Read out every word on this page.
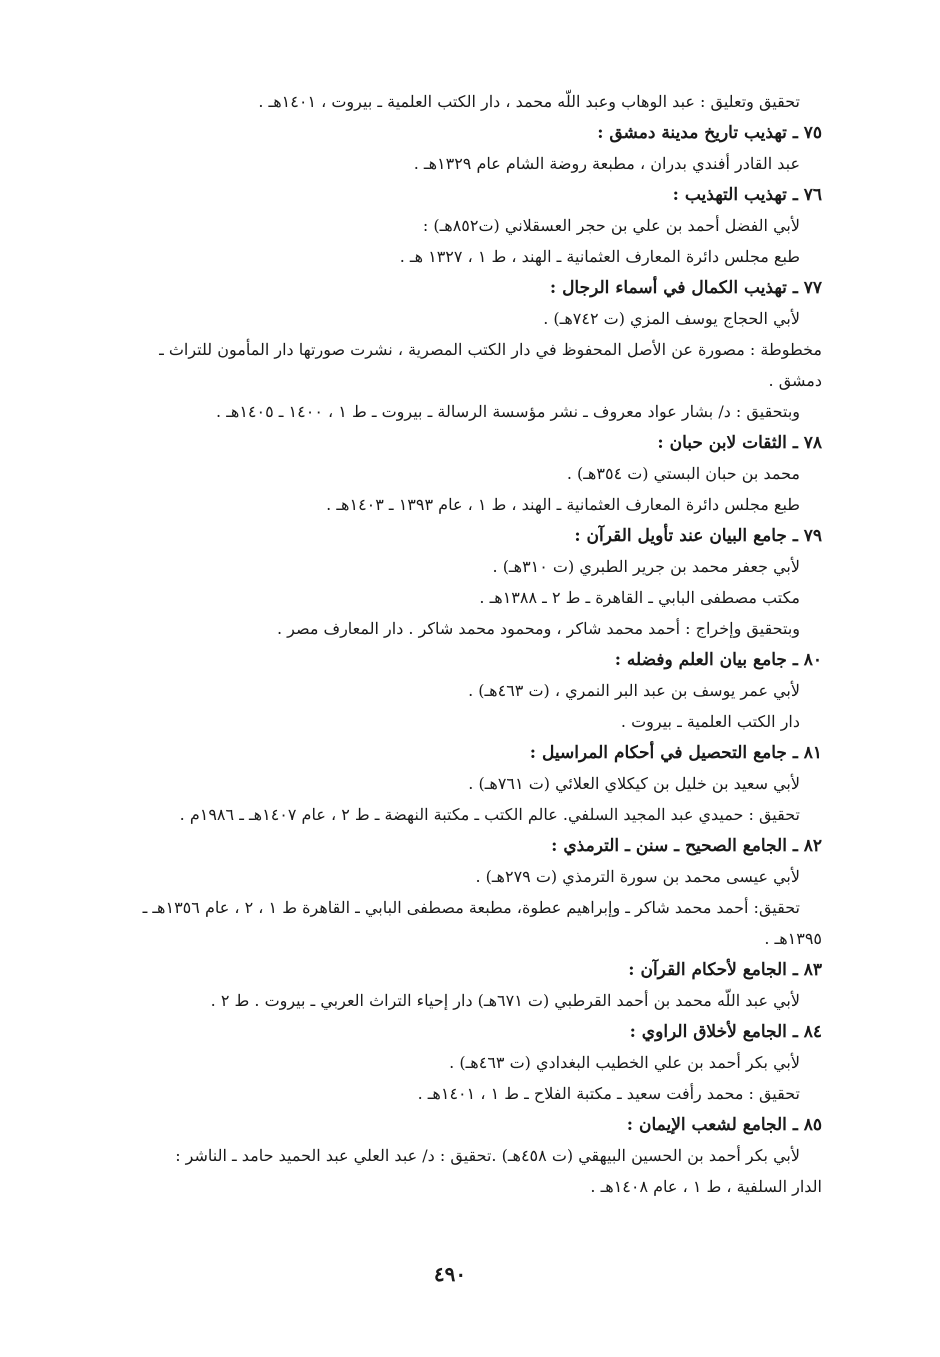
تحقيق وتعليق : عبد الوهاب وعبد اللّه محمد ، دار الكتب العلمية ـ بيروت ، ١٤٠١هـ .
٧٥ ـ تهذيب تاريخ مدينة دمشق :
عبد القادر أفندي بدران ، مطبعة روضة الشام عام ١٣٢٩هـ .
٧٦ ـ تهذيب التهذيب :
لأبي الفضل أحمد بن علي بن حجر العسقلاني (ت٨٥٢هـ) :
طبع مجلس دائرة المعارف العثمانية ـ الهند ، ط ١ ، ١٣٢٧ هـ .
٧٧ ـ تهذيب الكمال في أسماء الرجال :
لأبي الحجاج يوسف المزي (ت ٧٤٢هـ) .
مخطوطة : مصورة عن الأصل المحفوظ في دار الكتب المصرية ، نشرت صورتها دار المأمون للتراث ـ
دمشق .
وبتحقيق : د/ بشار عواد معروف ـ نشر مؤسسة الرسالة ـ بيروت ـ ط ١ ، ١٤٠٠ ـ ١٤٠٥هـ .
٧٨ ـ الثقات لابن حبان :
محمد بن حبان البستي (ت ٣٥٤هـ) .
طبع مجلس دائرة المعارف العثمانية ـ الهند ، ط ١ ، عام ١٣٩٣ ـ ١٤٠٣هـ .
٧٩ ـ جامع البيان عند تأويل القرآن :
لأبي جعفر محمد بن جرير الطبري (ت ٣١٠هـ) .
مكتب مصطفى البابي ـ القاهرة ـ ط ٢ ـ ١٣٨٨هـ .
وبتحقيق وإخراج : أحمد محمد شاكر ، ومحمود محمد شاكر . دار المعارف مصر .
٨٠ ـ جامع بيان العلم وفضله :
لأبي عمر يوسف بن عبد البر النمري ، (ت ٤٦٣هـ) .
دار الكتب العلمية ـ بيروت .
٨١ ـ جامع التحصيل في أحكام المراسيل :
لأبي سعيد بن خليل بن كيكلاي العلائي (ت ٧٦١هـ) .
تحقيق : حميدي عبد المجيد السلفي. عالم الكتب ـ مكتبة النهضة ـ ط ٢ ، عام ١٤٠٧هـ ـ ١٩٨٦م .
٨٢ ـ الجامع الصحيح ـ سنن ـ الترمذي :
لأبي عيسى محمد بن سورة الترمذي (ت ٢٧٩هـ) .
تحقيق: أحمد محمد شاكر ـ وإبراهيم عطوة، مطبعة مصطفى البابي ـ القاهرة ط ١ ، ٢ ، عام ١٣٥٦هـ ـ
١٣٩٥هـ .
٨٣ ـ الجامع لأحكام القرآن :
لأبي عبد اللّه محمد بن أحمد القرطبي (ت ٦٧١هـ) دار إحياء التراث العربي ـ بيروت . ط ٢ .
٨٤ ـ الجامع لأخلاق الراوي :
لأبي بكر أحمد بن علي الخطيب البغدادي (ت ٤٦٣هـ) .
تحقيق : محمد رأفت سعيد ـ مكتبة الفلاح ـ ط ١ ، ١٤٠١هـ .
٨٥ ـ الجامع لشعب الإيمان :
لأبي بكر أحمد بن الحسين البيهقي (ت ٤٥٨هـ) .تحقيق : د/ عبد العلي عبد الحميد حامد ـ الناشر :
الدار السلفية ، ط ١ ، عام ١٤٠٨هـ .
٤٩٠
